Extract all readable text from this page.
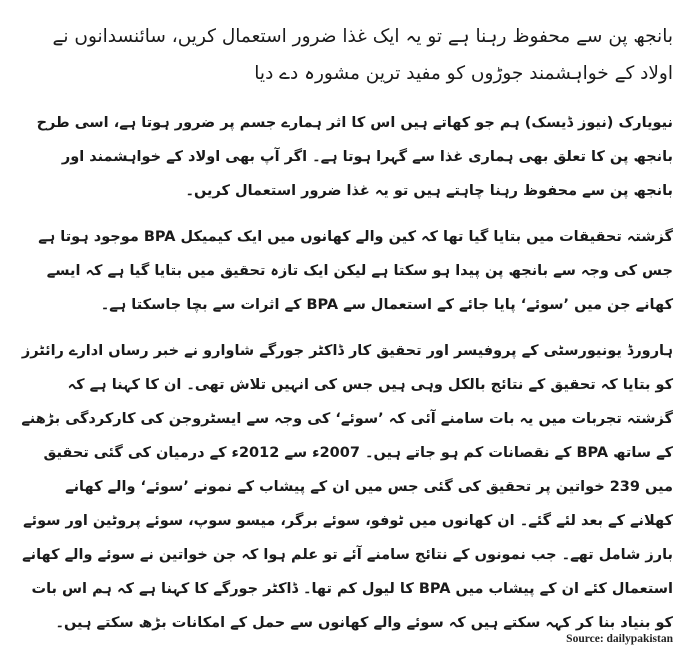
بانجھ پن سے محفوظ رہنا ہے تو یہ ایک غذا ضرور استعمال کریں، سائنسدانوں نے اولاد کے خواہشمند جوڑوں کو مفید ترین مشورہ دے دیا

نیویارک (نیوز ڈیسک) ہم جو کھاتے ہیں اس کا اثر ہمارے جسم پر ضرور ہوتا ہے، اسی طرح بانجھ پن کا تعلق بھی ہماری غذا سے گہرا ہوتا ہے۔ اگر آپ بھی اولاد کے خواہشمند اور بانجھ پن سے محفوظ رہنا چاہتے ہیں تو یہ غذا ضرور استعمال کریں۔

گزشتہ تحقیقات میں بتایا گیا تھا کہ کین والے کھانوں میں ایک کیمیکل BPA موجود ہوتا ہے جس کی وجہ سے بانجھ پن پیدا ہو سکتا ہے لیکن ایک تازہ تحقیق میں بتایا گیا ہے کہ ایسے کھانے جن میں ’سوئے‘ پایا جائے کے استعمال سے BPA کے اثرات سے بچا جاسکتا ہے۔

ہارورڈ یونیورسٹی کے پروفیسر اور تحقیق کار ڈاکٹر جورگے شاوارو نے خبر رساں ادارے رائٹرز کو بتایا کہ تحقیق کے نتائج بالکل وہی ہیں جس کی انہیں تلاش تھی۔ ان کا کہنا ہے کہ گزشتہ تجربات میں یہ بات سامنے آئی کہ ’سوئے‘ کی وجہ سے ایسٹروجن کی کارکردگی بڑھنے کے ساتھ BPA کے نقصانات کم ہو جاتے ہیں۔ 2007ء سے 2012ء کے درمیان کی گئی تحقیق میں 239 خواتین پر تحقیق کی گئی جس میں ان کے پیشاب کے نمونے ’سوئے‘ والے کھانے کھلانے کے بعد لئے گئے۔ ان کھانوں میں ٹوفو، سوئے برگر، میسو سوپ، سوئے پروٹین اور سوئے بارز شامل تھے۔ جب نمونوں کے نتائج سامنے آئے تو علم ہوا کہ جن خواتین نے سوئے والے کھانے استعمال کئے ان کے پیشاب میں BPA کا لیول کم تھا۔ ڈاکٹر جورگے کا کہنا ہے کہ ہم اس بات کو بنیاد بنا کر کہہ سکتے ہیں کہ سوئے والے کھانوں سے حمل کے امکانات بڑھ سکتے ہیں۔

Source: dailypakistan
